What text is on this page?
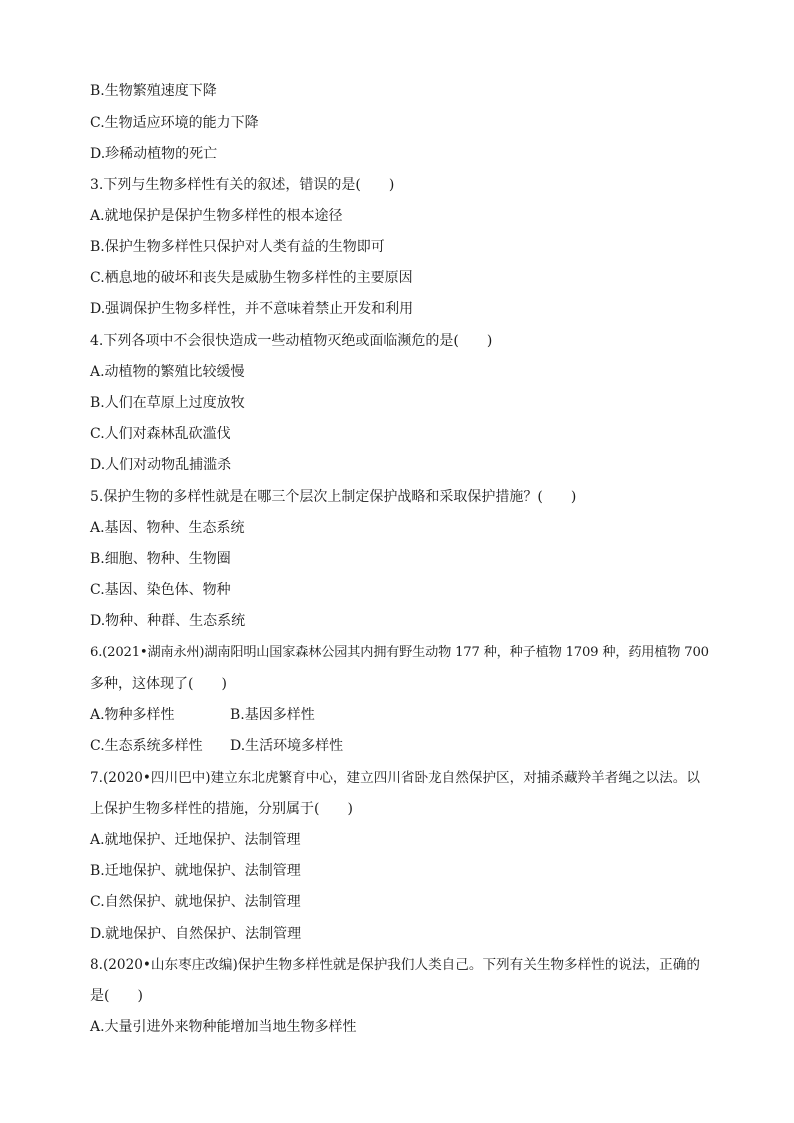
B.生物繁殖速度下降
C.生物适应环境的能力下降
D.珍稀动植物的死亡
3.下列与生物多样性有关的叙述，错误的是(　　)
A.就地保护是保护生物多样性的根本途径
B.保护生物多样性只保护对人类有益的生物即可
C.栖息地的破坏和丧失是威胁生物多样性的主要原因
D.强调保护生物多样性，并不意味着禁止开发和利用
4.下列各项中不会很快造成一些动植物灭绝或面临濒危的是(　　)
A.动植物的繁殖比较缓慢
B.人们在草原上过度放牧
C.人们对森林乱砍滥伐
D.人们对动物乱捕滥杀
5.保护生物的多样性就是在哪三个层次上制定保护战略和采取保护措施？(　　)
A.基因、物种、生态系统
B.细胞、物种、生物圈
C.基因、染色体、物种
D.物种、种群、生态系统
6.(2021•湖南永州)湖南阳明山国家森林公园其内拥有野生动物 177 种，种子植物 1709 种，药用植物 700
多种，这体现了(　　)
A.物种多样性	B.基因多样性
C.生态系统多样性 D.生活环境多样性
7.(2020•四川巴中)建立东北虎繁育中心，建立四川省卧龙自然保护区，对捕杀藏羚羊者绳之以法。以
上保护生物多样性的措施，分别属于(　　)
A.就地保护、迁地保护、法制管理
B.迁地保护、就地保护、法制管理
C.自然保护、就地保护、法制管理
D.就地保护、自然保护、法制管理
8.(2020•山东枣庄改编)保护生物多样性就是保护我们人类自己。下列有关生物多样性的说法，正确的
是(　　)
A.大量引进外来物种能增加当地生物多样性
